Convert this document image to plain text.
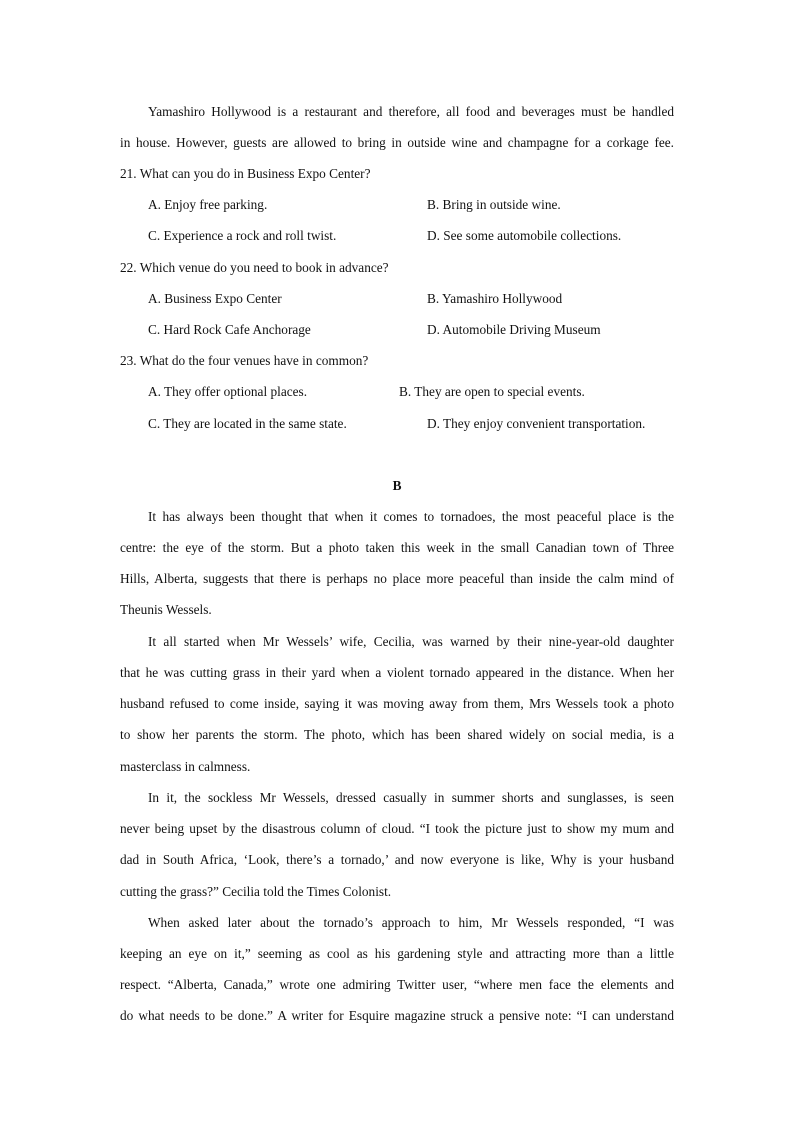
Yamashiro Hollywood is a restaurant and therefore, all food and beverages must be handled
in house. However, guests are allowed to bring in outside wine and champagne for a corkage fee.
21. What can you do in Business Expo Center?
A. Enjoy free parking.	B. Bring in outside wine.
C. Experience a rock and roll twist.	D. See some automobile collections.
22. Which venue do you need to book in advance?
A. Business Expo Center	B. Yamashiro Hollywood
C. Hard Rock Cafe Anchorage	D. Automobile Driving Museum
23. What do the four venues have in common?
A. They offer optional places.	B. They are open to special events.
C. They are located in the same state.	D. They enjoy convenient transportation.
B
It has always been thought that when it comes to tornadoes, the most peaceful place is the
centre: the eye of the storm. But a photo taken this week in the small Canadian town of Three
Hills, Alberta, suggests that there is perhaps no place more peaceful than inside the calm mind of
Theunis Wessels.
It all started when Mr Wessels’ wife, Cecilia, was warned by their nine-year-old daughter
that he was cutting grass in their yard when a violent tornado appeared in the distance. When her
husband refused to come inside, saying it was moving away from them, Mrs Wessels took a photo
to show her parents the storm. The photo, which has been shared widely on social media, is a
masterclass in calmness.
In it, the sockless Mr Wessels, dressed casually in summer shorts and sunglasses, is seen
never being upset by the disastrous column of cloud. “I took the picture just to show my mum and
dad in South Africa, ‘Look, there’s a tornado,’ and now everyone is like, Why is your husband
cutting the grass?” Cecilia told the Times Colonist.
When asked later about the tornado’s approach to him, Mr Wessels responded, “I was
keeping an eye on it,” seeming as cool as his gardening style and attracting more than a little
respect. “Alberta, Canada,” wrote one admiring Twitter user, “where men face the elements and
do what needs to be done.” A writer for Esquire magazine struck a pensive note: “I can understand
